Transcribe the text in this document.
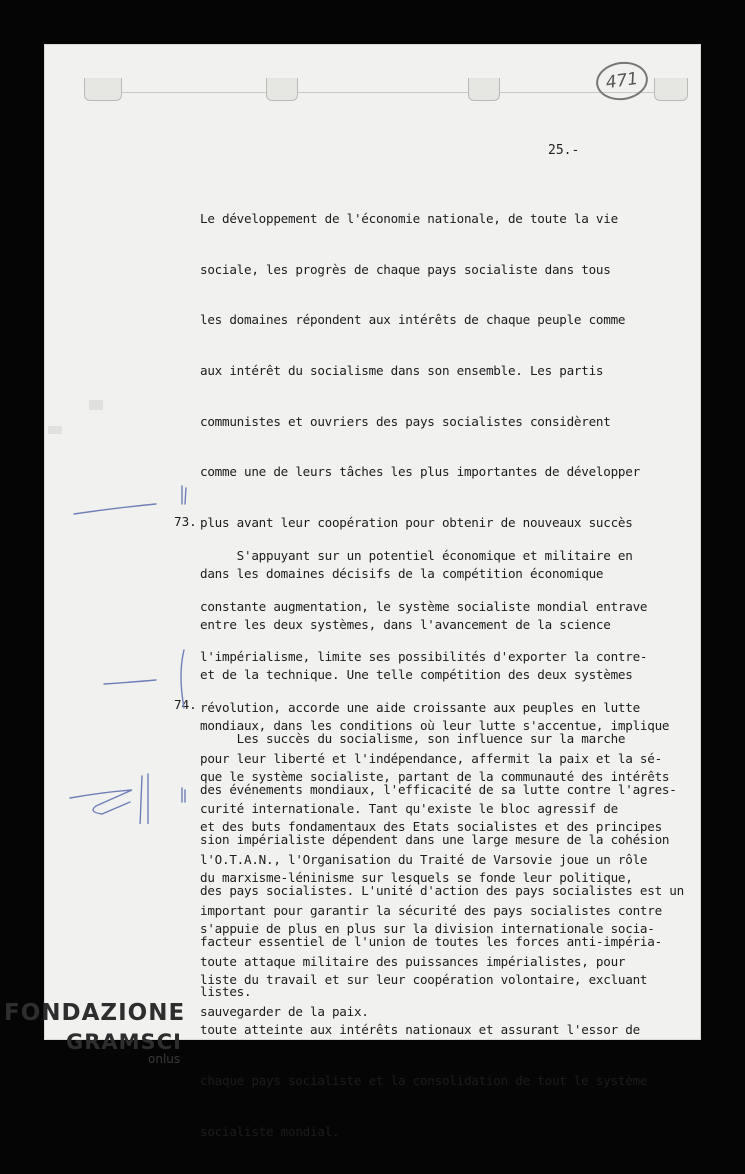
471
25.-

Le développement de l'économie nationale, de toute la vie

sociale, les progrès de chaque pays socialiste dans tous

les domaines répondent aux intérêts de chaque peuple comme

aux intérêt du socialisme dans son ensemble. Les partis

communistes et ouvriers des pays socialistes considèrent

comme une de leurs tâches les plus importantes de développer

plus avant leur coopération pour obtenir de nouveaux succès

dans les domaines décisifs de la compétition économique

entre les deux systèmes, dans l'avancement de la science

et de la technique. Une telle compétition des deux systèmes

mondiaux, dans les conditions où leur lutte s'accentue, implique

que le système socialiste, partant de la communauté des intérêts

et des buts fondamentaux des Etats socialistes et des principes

du marxisme-léninisme sur lesquels se fonde leur politique,

s'appuie de plus en plus sur la division internationale socia-

liste du travail et sur leur coopération volontaire, excluant

toute atteinte aux intérêts nationaux et assurant l'essor de

chaque pays socialiste et la consolidation de tout le système

socialiste mondial.

73.

S'appuyant sur un potentiel économique et militaire en

constante augmentation, le système socialiste mondial entrave

l'impérialisme, limite ses possibilités d'exporter la contre-

révolution, accorde une aide croissante aux peuples en lutte

pour leur liberté et l'indépendance, affermit la paix et la sé-

curité internationale. Tant qu'existe le bloc agressif de

l'O.T.A.N., l'Organisation du Traité de Varsovie joue un rôle

important pour garantir la sécurité des pays socialistes contre

toute attaque militaire des puissances impérialistes, pour

sauvegarder de la paix.

74.

Les succès du socialisme, son influence sur la marche

des événements mondiaux, l'efficacité de sa lutte contre l'agres-

sion impérialiste dépendent dans une large mesure de la cohésion

des pays socialistes. L'unité d'action des pays socialistes est un

facteur essentiel de l'union de toutes les forces anti-impéria-

listes.

FONDAZIONE
GRAMSCI
onlus
